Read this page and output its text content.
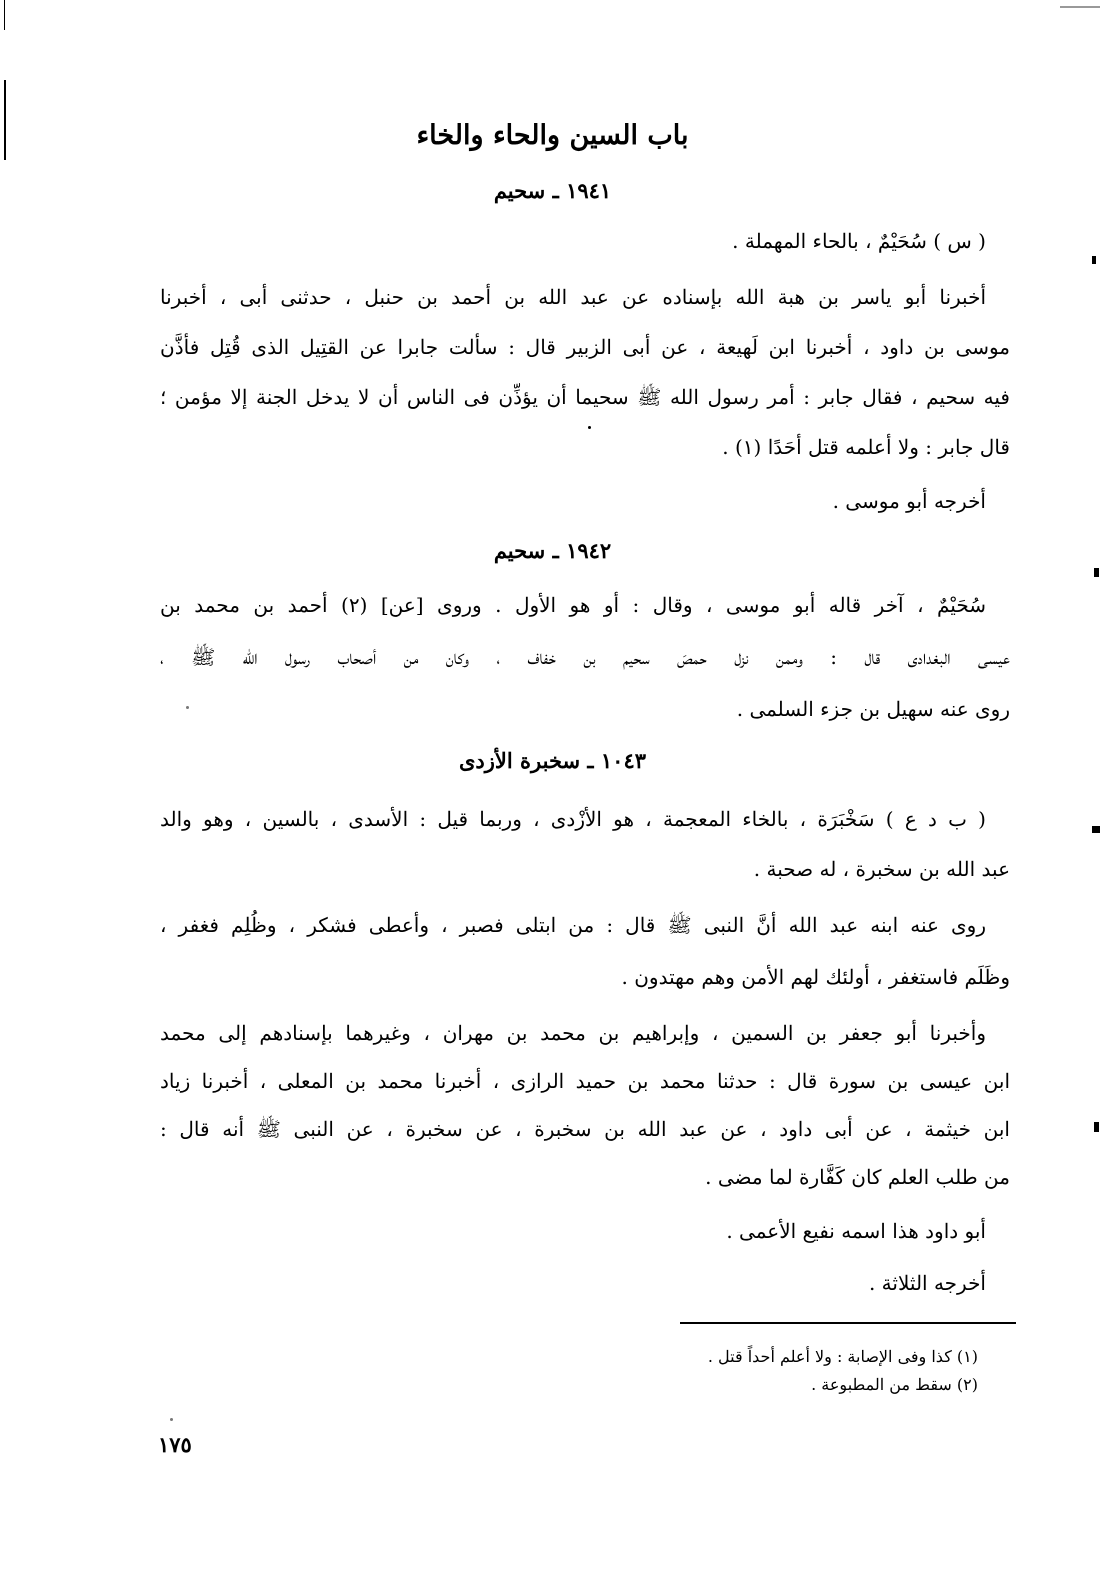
باب السين والحاء والخاء
١٩٤١ ـ سحيم
( س ) سُحَيْمٌ ، بالحاء المهملة .
أخبرنا أبو ياسر بن هبة الله بإسناده عن عبد الله بن أحمد بن حنبل ، حدثنى أبى ، أخبرنا
موسى بن داود ، أخبرنا ابن لَهيعة ، عن أبى الزبير قال : سألت جابرا عن القتِيل الذى قُتِل فأذَّن
فيه سحيم ، فقال جابر : أمر رسول الله ﷺ سحيما أن يؤذِّن فى الناس أن لا يدخل الجنة إلا مؤمن ؛
قال جابر : ولا أعلمه قتل أحَدًا (١) .
أخرجه أبو موسى .
١٩٤٢ ـ سحيم
سُحَيْمٌ ، آخر قاله أبو موسى ، وقال : أو هو الأول . وروى [عن] (٢) أحمد بن محمد بن
عيسى البغدادى قال : وممن نزل حمصَ سحيم بن خفاف ، وكان من أصحاب رسول الله ﷺ ،
روى عنه سهيل بن جزء السلمى .
١٠٤٣ ـ سخبرة الأزدى
( ب د ع ) سَخْبَرَة ، بالخاء المعجمة ، هو الأزْدى ، وربما قيل : الأسدى ، بالسين ، وهو والد
عبد الله بن سخبرة ، له صحبة .
روى عنه ابنه عبد الله أنَّ النبى ﷺ قال : من ابتلى فصبر ، وأعطى فشكر ، وظُلِم فغفر ،
وظَلَم فاستغفر ، أولئك لهم الأمن وهم مهتدون .
وأخبرنا أبو جعفر بن السمين ، وإبراهيم بن محمد بن مهران ، وغيرهما بإسنادهم إلى محمد
ابن عيسى بن سورة قال : حدثنا محمد بن حميد الرازى ، أخبرنا محمد بن المعلى ، أخبرنا زياد
ابن خيثمة ، عن أبى داود ، عن عبد الله بن سخبرة ، عن سخبرة ، عن النبى ﷺ أنه قال :
من طلب العلم كان كَفَّارة لما مضى .
أبو داود هذا اسمه نفيع الأعمى .
أخرجه الثلاثة .
(١) كذا وفى الإصابة : ولا أعلم أحداً قتل .
(٢) سقط من المطبوعة .
١٧٥
